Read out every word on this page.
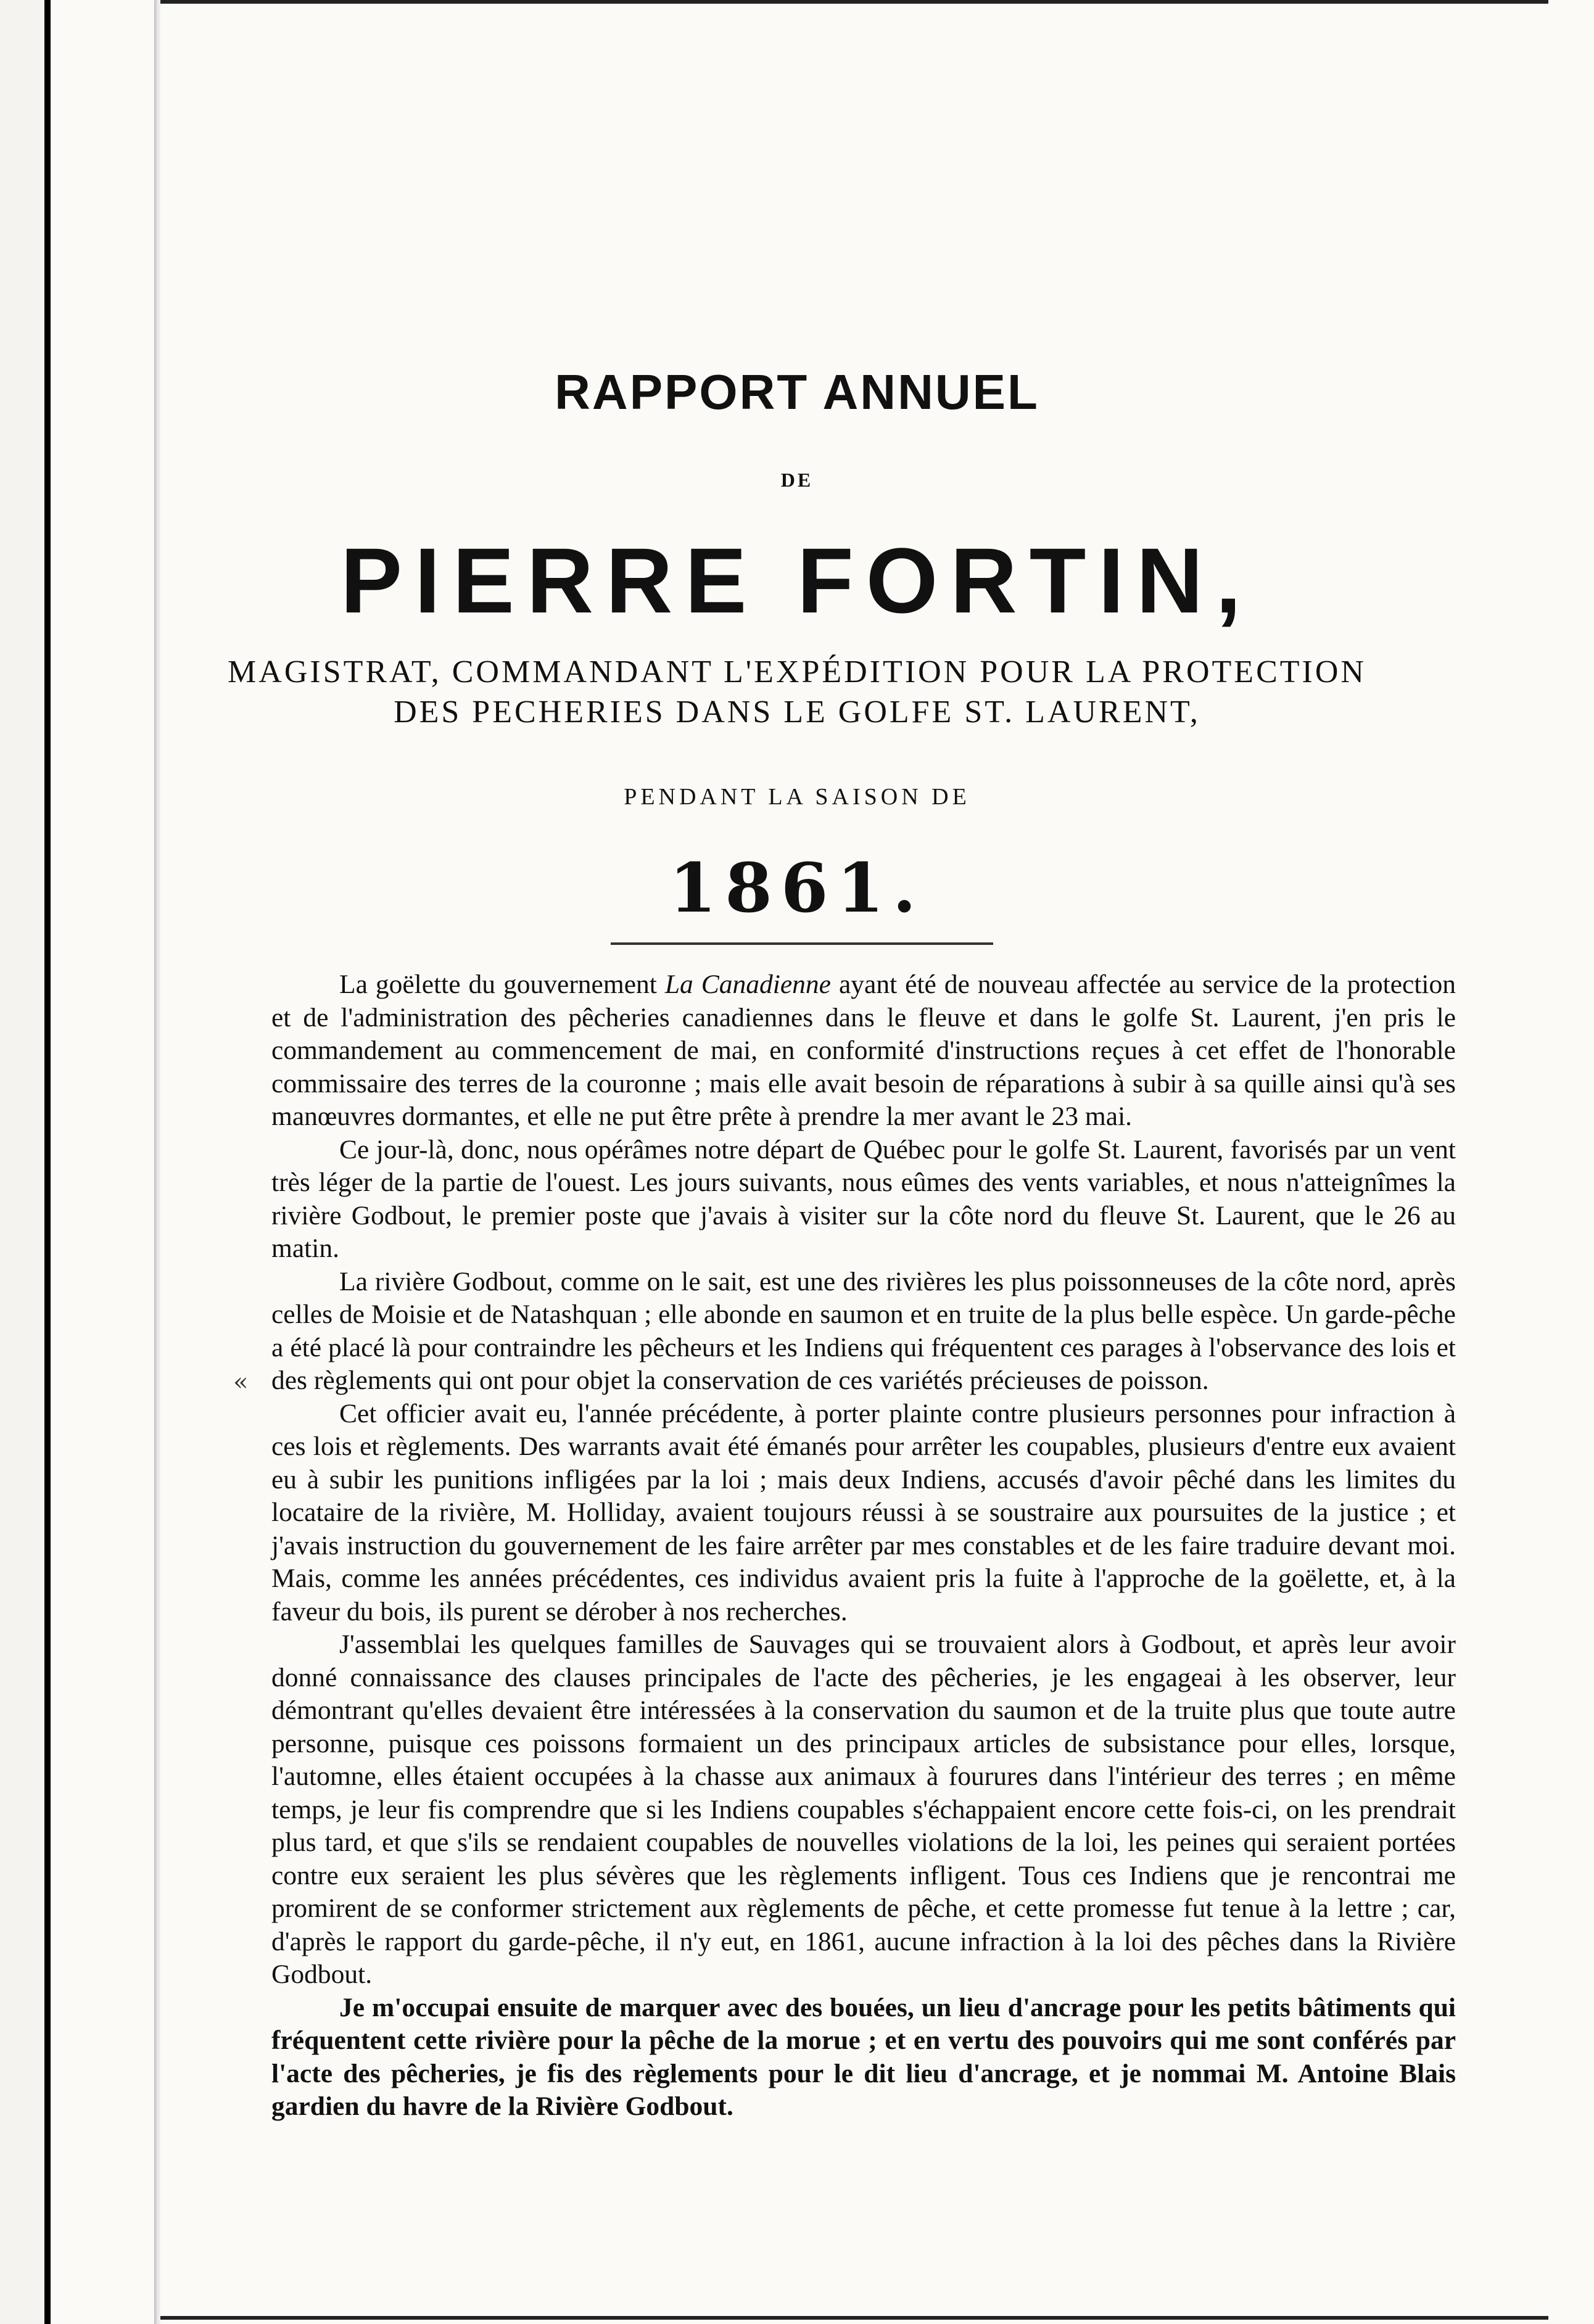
RAPPORT ANNUEL
DE
PIERRE FORTIN,
MAGISTRAT, COMMANDANT L'EXPÉDITION POUR LA PROTECTION
DES PECHERIES DANS LE GOLFE ST. LAURENT,
PENDANT LA SAISON DE
1861.
«

La goëlette du gouvernement La Canadienne ayant été de nouveau affectée au service de la protection et de l'administration des pêcheries canadiennes dans le fleuve et dans le golfe St. Laurent, j'en pris le commandement au commencement de mai, en conformité d'instructions reçues à cet effet de l'honorable commissaire des terres de la couronne ; mais elle avait besoin de réparations à subir à sa quille ainsi qu'à ses manœuvres dormantes, et elle ne put être prête à prendre la mer avant le 23 mai.

Ce jour-là, donc, nous opérâmes notre départ de Québec pour le golfe St. Laurent, favorisés par un vent très léger de la partie de l'ouest. Les jours suivants, nous eûmes des vents variables, et nous n'atteignîmes la rivière Godbout, le premier poste que j'avais à visiter sur la côte nord du fleuve St. Laurent, que le 26 au matin.

La rivière Godbout, comme on le sait, est une des rivières les plus poissonneuses de la côte nord, après celles de Moisie et de Natashquan ; elle abonde en saumon et en truite de la plus belle espèce. Un garde-pêche a été placé là pour contraindre les pêcheurs et les Indiens qui fréquentent ces parages à l'observance des lois et des règlements qui ont pour objet la conservation de ces variétés précieuses de poisson.

Cet officier avait eu, l'année précédente, à porter plainte contre plusieurs personnes pour infraction à ces lois et règlements. Des warrants avait été émanés pour arrêter les coupables, plusieurs d'entre eux avaient eu à subir les punitions infligées par la loi ; mais deux Indiens, accusés d'avoir pêché dans les limites du locataire de la rivière, M. Holliday, avaient toujours réussi à se soustraire aux poursuites de la justice ; et j'avais instruction du gouvernement de les faire arrêter par mes constables et de les faire traduire devant moi. Mais, comme les années précédentes, ces individus avaient pris la fuite à l'approche de la goëlette, et, à la faveur du bois, ils purent se dérober à nos recherches.

J'assemblai les quelques familles de Sauvages qui se trouvaient alors à Godbout, et après leur avoir donné connaissance des clauses principales de l'acte des pêcheries, je les engageai à les observer, leur démontrant qu'elles devaient être intéressées à la conservation du saumon et de la truite plus que toute autre personne, puisque ces poissons formaient un des principaux articles de subsistance pour elles, lorsque, l'automne, elles étaient occupées à la chasse aux animaux à fourures dans l'intérieur des terres ; en même temps, je leur fis comprendre que si les Indiens coupables s'échappaient encore cette fois-ci, on les prendrait plus tard, et que s'ils se rendaient coupables de nouvelles violations de la loi, les peines qui seraient portées contre eux seraient les plus sévères que les règlements infligent. Tous ces Indiens que je rencontrai me promirent de se conformer strictement aux règlements de pêche, et cette promesse fut tenue à la lettre ; car, d'après le rapport du garde-pêche, il n'y eut, en 1861, aucune infraction à la loi des pêches dans la Rivière Godbout.

Je m'occupai ensuite de marquer avec des bouées, un lieu d'ancrage pour les petits bâtiments qui fréquentent cette rivière pour la pêche de la morue ; et en vertu des pouvoirs qui me sont conférés par l'acte des pêcheries, je fis des règlements pour le dit lieu d'ancrage, et je nommai M. Antoine Blais gardien du havre de la Rivière Godbout.
